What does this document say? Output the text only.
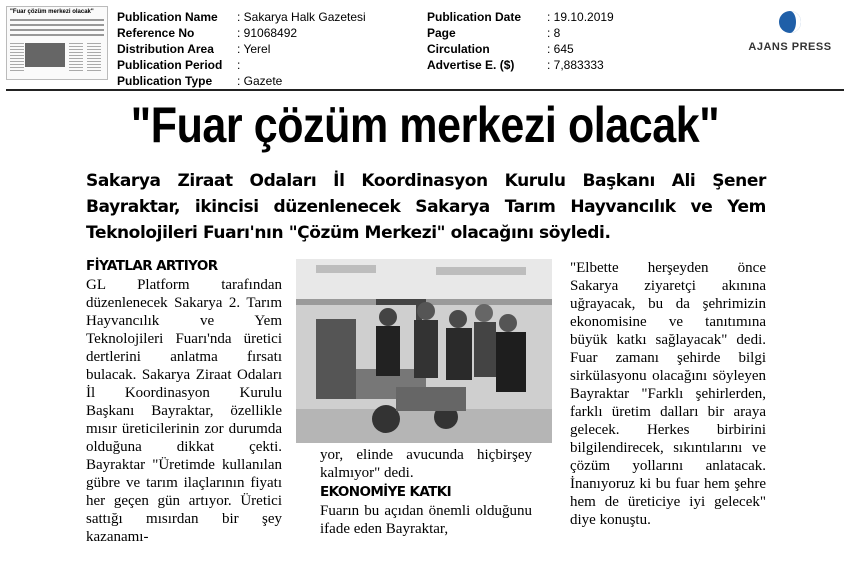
"Fuar çözüm merkezi olacak"	Publication Name	: Sakarya Halk Gazetesi
Reference No	: 91068492
Distribution Area	: Yerel
Publication Period	:
Publication Type	: Gazete
Publication Date	: 19.10.2019
Page	: 8
Circulation	: 645
Advertise E. ($)	: 7,883333
AJANS PRESS
"Fuar çözüm merkezi olacak"
Sakarya Ziraat Odaları İl Koordinasyon Kurulu Başkanı Ali Şener Bayraktar, ikincisi düzenlenecek Sakarya Tarım Hayvancılık ve Yem Teknolojileri Fuarı'nın "Çözüm Merkezi" olacağını söyledi.
FİYATLAR ARTIYOR
GL Platform tarafından düzenlenecek Sakarya 2. Tarım Hayvancılık ve Yem Teknolojileri Fuarı'nda üretici dertlerini anlatma fırsatı bulacak. Sakarya Ziraat Odaları İl Koordinasyon Kurulu Başkanı Bayraktar, özellikle mısır üreticilerinin zor durumda olduğuna dikkat çekti. Bayraktar "Üretimde kullanılan gübre ve tarım ilaçlarının fiyatı her geçen gün artıyor. Üretici sattığı mısırdan bir şey kazanamı-
yor, elinde avucunda hiçbirşey kalmıyor" dedi.
EKONOMİYE KATKI
Fuarın bu açıdan önemli olduğunu ifade eden Bayraktar,
"Elbette herşeyden önce Sakarya ziyaretçi akınına uğrayacak, bu da şehrimizin ekonomisine ve tanıtımına büyük katkı sağlayacak" dedi. Fuar zamanı şehirde bilgi sirkülasyonu olacağını söyleyen Bayraktar "Farklı şehirlerden, farklı üretim dalları bir araya gelecek. Herkes birbirini bilgilendirecek, sıkıntılarını ve çözüm yollarını anlatacak. İnanıyoruz ki bu fuar hem şehre hem de üreticiye iyi gelecek" diye konuştu.
